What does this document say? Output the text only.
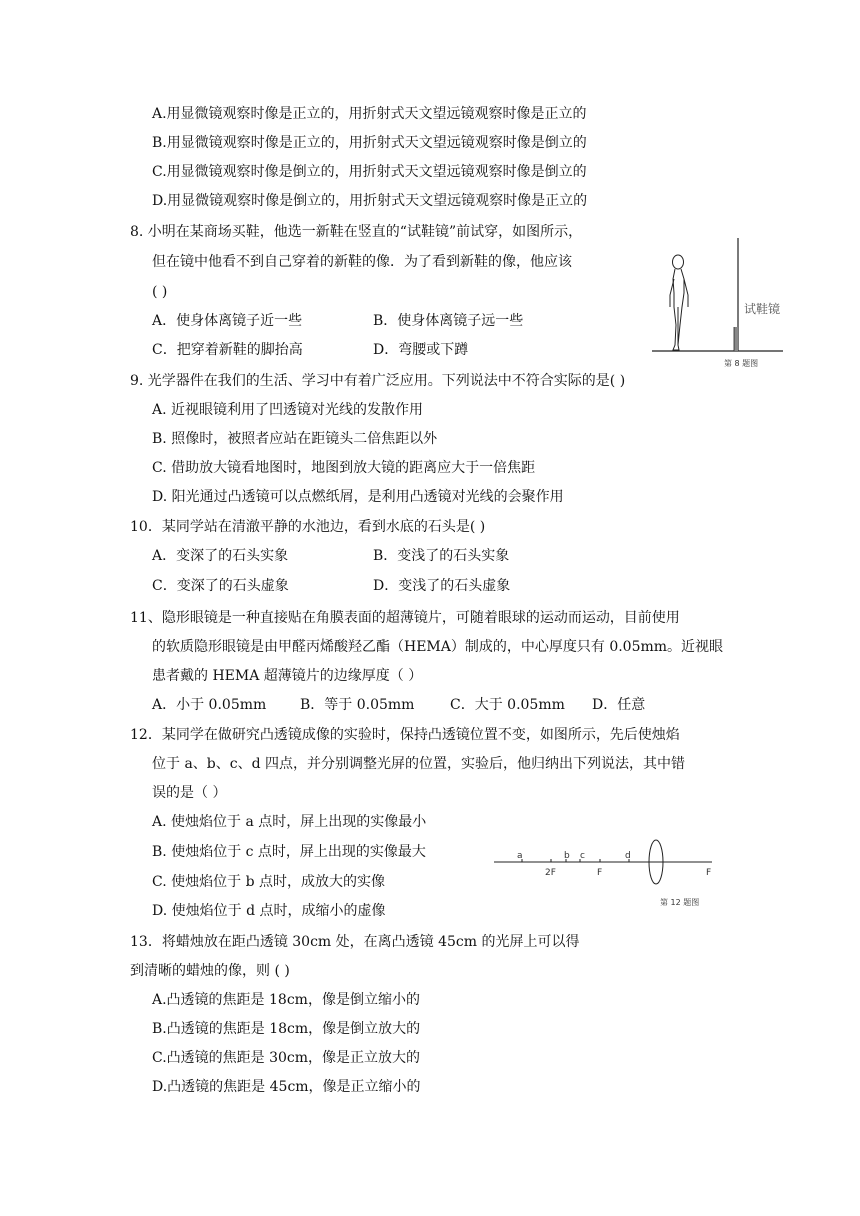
A.用显微镜观察时像是正立的，用折射式天文望远镜观察时像是正立的
B.用显微镜观察时像是正立的，用折射式天文望远镜观察时像是倒立的
C.用显微镜观察时像是倒立的，用折射式天文望远镜观察时像是倒立的
D.用显微镜观察时像是倒立的，用折射式天文望远镜观察时像是正立的
8. 小明在某商场买鞋，他选一新鞋在竖直的“试鞋镜”前试穿，如图所示，
但在镜中他看不到自己穿着的新鞋的像．为了看到新鞋的像，他应该
( )
A．使身体离镜子近一些	B．使身体离镜子远一些
C．把穿着新鞋的脚抬高	D．弯腰或下蹲
试鞋镜
第 8 题图
9. 光学器件在我们的生活、学习中有着广泛应用。下列说法中不符合实际的是( )
A. 近视眼镜利用了凹透镜对光线的发散作用
B. 照像时，被照者应站在距镜头二倍焦距以外
C. 借助放大镜看地图时，地图到放大镜的距离应大于一倍焦距
D. 阳光通过凸透镜可以点燃纸屑，是利用凸透镜对光线的会聚作用
10．某同学站在清澈平静的水池边，看到水底的石头是( )
A．变深了的石头实象	B．变浅了的石头实象
C．变深了的石头虚象	D．变浅了的石头虚象
11、隐形眼镜是一种直接贴在角膜表面的超薄镜片，可随着眼球的运动而运动，目前使用
的软质隐形眼镜是由甲醛丙烯酸羟乙酯（HEMA）制成的，中心厚度只有 0.05mm。近视眼
患者戴的 HEMA 超薄镜片的边缘厚度（ ）
A．小于 0.05mm B．等于 0.05mm	C．大于 0.05mm D．任意
12．某同学在做研究凸透镜成像的实验时，保持凸透镜位置不变，如图所示，先后使烛焰
位于 a、b、c、d 四点，并分别调整光屏的位置，实验后，他归纳出下列说法，其中错
误的是（ ）
A. 使烛焰位于 a 点时，屏上出现的实像最小
B. 使烛焰位于 c 点时，屏上出现的实像最大
C. 使烛焰位于 b 点时，成放大的实像
D. 使烛焰位于 d 点时，成缩小的虚像
a	b c	d
2F	F	F
第 12 题图
13．将蜡烛放在距凸透镜 30cm 处，在离凸透镜 45cm 的光屏上可以得
到清晰的蜡烛的像，则 ( )
A.凸透镜的焦距是 18cm，像是倒立缩小的
B.凸透镜的焦距是 18cm，像是倒立放大的
C.凸透镜的焦距是 30cm，像是正立放大的
D.凸透镜的焦距是 45cm，像是正立缩小的
